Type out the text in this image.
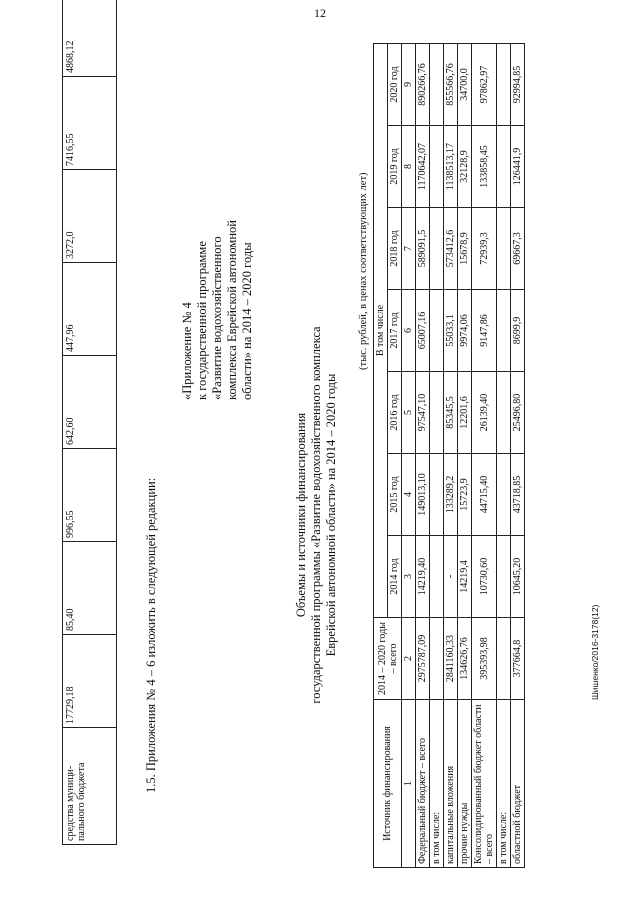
12
средства муници-пального бюджета	17729,18	85,40	996,55	642,60	447,96	3272,0	7416,55	4868,12		
1.5. Приложения № 4 – 6 изложить в следующей редакции:
«Приложение № 4 к государственной программе «Развитие водохозяйственного комплекса Еврейской автономной области» на 2014 – 2020 годы
Объемы и источники финансирования государственной программы «Развитие водохозяйственного комплекса Еврейской автономной области» на 2014 – 2020 годы
(тыс. рублей, в ценах соответствующих лет)
Источник финансирования	2014 – 2020 годы – всего	В том числе						
		2014 год	2015 год	2016 год	2017 год	2018 год	2019 год	2020 год
1	2	3	4	5	6	7	8	9
Федеральный бюджет – всего	2975787,09	14219,40	149013,10	97547,10	65007,16	589091,5	1170642,07	890266,76
в том числе:								
капитальные вложения	2841160,33	-	133289,2	85345,5	55033,1	573412,6	1138513,17	855566,76
прочие нужды	134626,76	14219,4	15723,9	12201,6	9974,06	15678,9	32128,9	34700,0
Консолидированный бюджет области – всего	395393,98	10730,60	44715,40	26139,40	9147,86	72939,3	133858,45	97862,97
в том числе:								
областной бюджет	377664,8	10645,20	43718,85	25496,80	8699,9	69667,3	126441,9	92994,85
Шишенко/2016-3178(12)
